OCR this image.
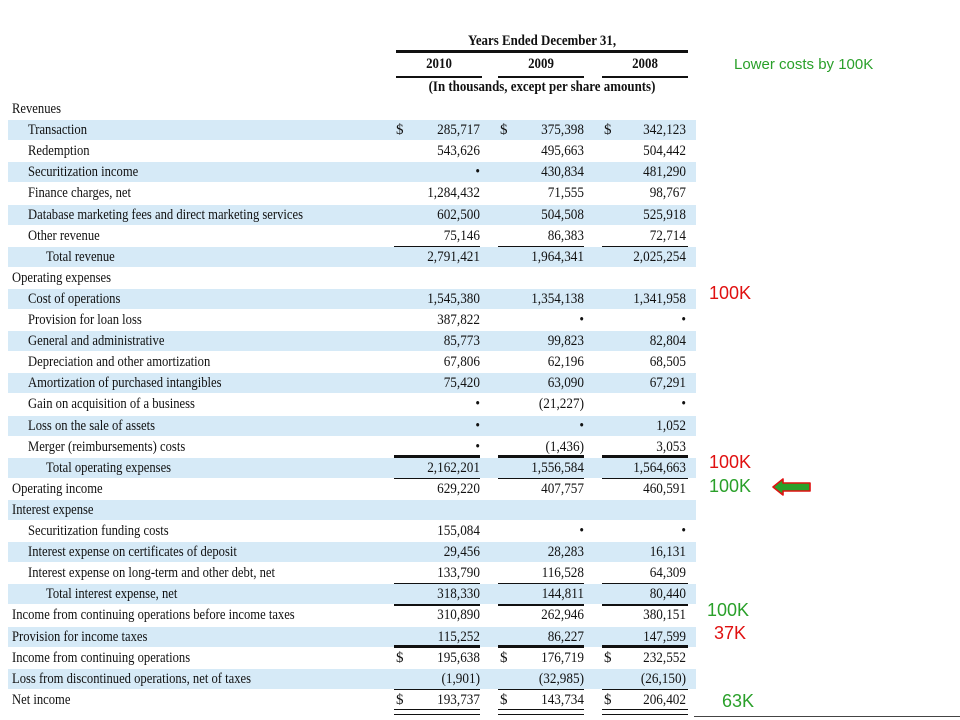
Years Ended December 31,
2010	2009	2008
(In thousands, except per share amounts)
Revenues
Transaction	$	285,717 $	375,398 $	342,123
Redemption	543,626	495,663	504,442
Securitization income	•	430,834	481,290
Finance charges, net	1,284,432	71,555	98,767
Database marketing fees and direct marketing services	602,500	504,508	525,918
Other revenue	75,146	86,383	72,714
Total revenue	2,791,421	1,964,341	2,025,254
Operating expenses
Cost of operations	1,545,380	1,354,138	1,341,958
Provision for loan loss	387,822	•	•
General and administrative	85,773	99,823	82,804
Depreciation and other amortization	67,806	62,196	68,505
Amortization of purchased intangibles	75,420	63,090	67,291
Gain on acquisition of a business	•	(21,227)	•
Loss on the sale of assets	•	•	1,052
Merger (reimbursements) costs	•	(1,436)	3,053
Total operating expenses	2,162,201	1,556,584	1,564,663
Operating income	629,220	407,757	460,591
Interest expense
Securitization funding costs	155,084	•	•
Interest expense on certificates of deposit	29,456	28,283	16,131
Interest expense on long-term and other debt, net	133,790	116,528	64,309
Total interest expense, net	318,330	144,811	80,440
Income from continuing operations before income taxes	310,890	262,946	380,151
Provision for income taxes	115,252	86,227	147,599
Income from continuing operations	$	195,638 $	176,719 $	232,552
Loss from discontinued operations, net of taxes	(1,901)	(32,985)	(26,150)
Net income	$	193,737 $	143,734 $	206,402
Lower costs by 100K
100K
100K
100K
100K
37K
63K
